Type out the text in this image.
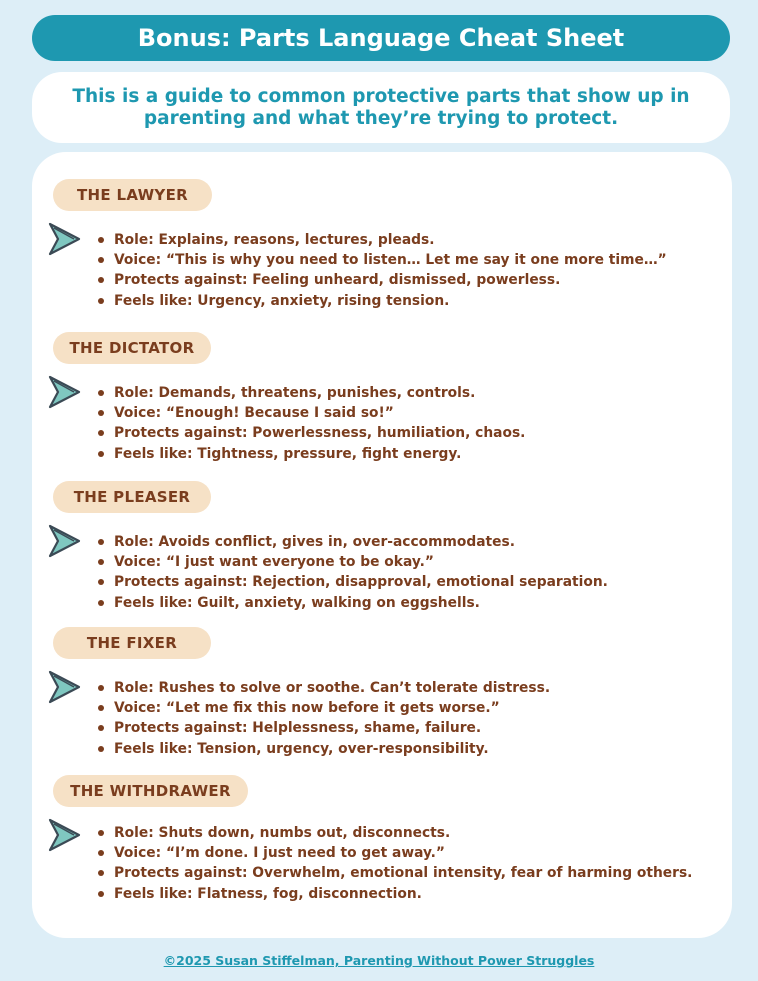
Bonus: Parts Language Cheat Sheet
This is a guide to common protective parts that show up in parenting and what they’re trying to protect.
THE LAWYER
Role: Explains, reasons, lectures, pleads.
Voice: “This is why you need to listen… Let me say it one more time…”
Protects against: Feeling unheard, dismissed, powerless.
Feels like: Urgency, anxiety, rising tension.
THE DICTATOR
Role: Demands, threatens, punishes, controls.
Voice: “Enough! Because I said so!”
Protects against: Powerlessness, humiliation, chaos.
Feels like: Tightness, pressure, fight energy.
THE PLEASER
Role: Avoids conflict, gives in, over-accommodates.
Voice: “I just want everyone to be okay.”
Protects against: Rejection, disapproval, emotional separation.
Feels like: Guilt, anxiety, walking on eggshells.
THE FIXER
Role: Rushes to solve or soothe. Can’t tolerate distress.
Voice: “Let me fix this now before it gets worse.”
Protects against: Helplessness, shame, failure.
Feels like: Tension, urgency, over-responsibility.
THE WITHDRAWER
Role: Shuts down, numbs out, disconnects.
Voice: “I’m done. I just need to get away.”
Protects against: Overwhelm, emotional intensity, fear of harming others.
Feels like: Flatness, fog, disconnection.
©2025 Susan Stiffelman, Parenting Without Power Struggles
